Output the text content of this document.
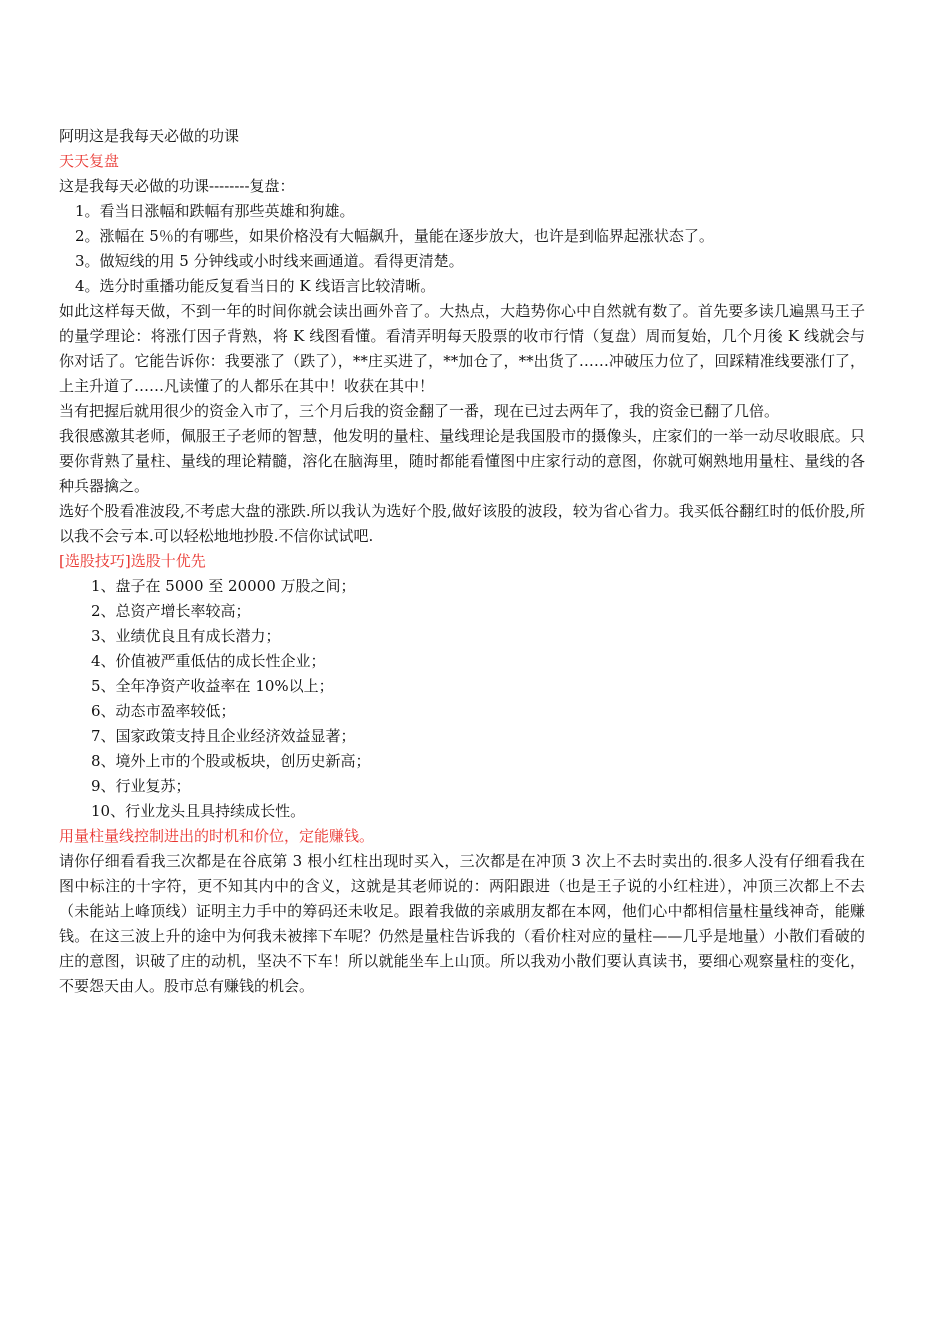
阿明这是我每天必做的功课

天天复盘

这是我每天必做的功课--------复盘：

1。看当日涨幅和跌幅有那些英雄和狗雄。

2。涨幅在 5％的有哪些，如果价格没有大幅飙升，量能在逐步放大，也许是到临界起涨状态了。

3。做短线的用 5 分钟线或小时线来画通道。看得更清楚。

4。选分时重播功能反复看当日的 K 线语言比较清晰。

如此这样每天做，不到一年的时间你就会读出画外音了。大热点，大趋势你心中自然就有数了。首先要多读几遍黑马王子的量学理论：将涨仃因子背熟，将 K 线图看懂。看清弄明每天股票的收市行情（复盘）周而复始，几个月後 K 线就会与你对话了。它能告诉你：我要涨了（跌了），**庄买进了，**加仓了，**出货了……冲破压力位了，回踩精准线要涨仃了，上主升道了……凡读懂了的人都乐在其中！收获在其中！

当有把握后就用很少的资金入市了，三个月后我的资金翻了一番，现在已过去两年了，我的资金已翻了几倍。

我很感激其老师，佩服王子老师的智慧，他发明的量柱、量线理论是我国股市的摄像头，庄家们的一举一动尽收眼底。只要你背熟了量柱、量线的理论精髓，溶化在脑海里，随时都能看懂图中庄家行动的意图，你就可娴熟地用量柱、量线的各种兵器擒之。

选好个股看准波段,不考虑大盘的涨跌.所以我认为选好个股,做好该股的波段，较为省心省力。我买低谷翻红时的低价股,所以我不会亏本.可以轻松地地抄股.不信你试试吧.

[选股技巧]选股十优先

1、盘子在 5000 至 20000 万股之间；

2、总资产增长率较高；

3、业绩优良且有成长潜力；

4、价值被严重低估的成长性企业；

5、全年净资产收益率在 10%以上；

6、动态市盈率较低；

7、国家政策支持且企业经济效益显著；

8、境外上市的个股或板块，创历史新高；

9、行业复苏；

10、行业龙头且具持续成长性。

用量柱量线控制进出的时机和价位，定能赚钱。

请你仔细看看我三次都是在谷底第 3 根小红柱出现时买入，三次都是在冲顶 3 次上不去时卖出的.很多人没有仔细看我在图中标注的十字符，更不知其内中的含义，这就是其老师说的：两阳跟进（也是王子说的小红柱进），冲顶三次都上不去（未能站上峰顶线）证明主力手中的筹码还未收足。跟着我做的亲戚朋友都在本网，他们心中都相信量柱量线神奇，能赚钱。在这三波上升的途中为何我未被摔下车呢？仍然是量柱告诉我的（看价柱对应的量柱——几乎是地量）小散们看破的庄的意图，识破了庄的动机，坚决不下车！所以就能坐车上山顶。所以我劝小散们要认真读书，要细心观察量柱的变化，不要怨天由人。股市总有赚钱的机会。
